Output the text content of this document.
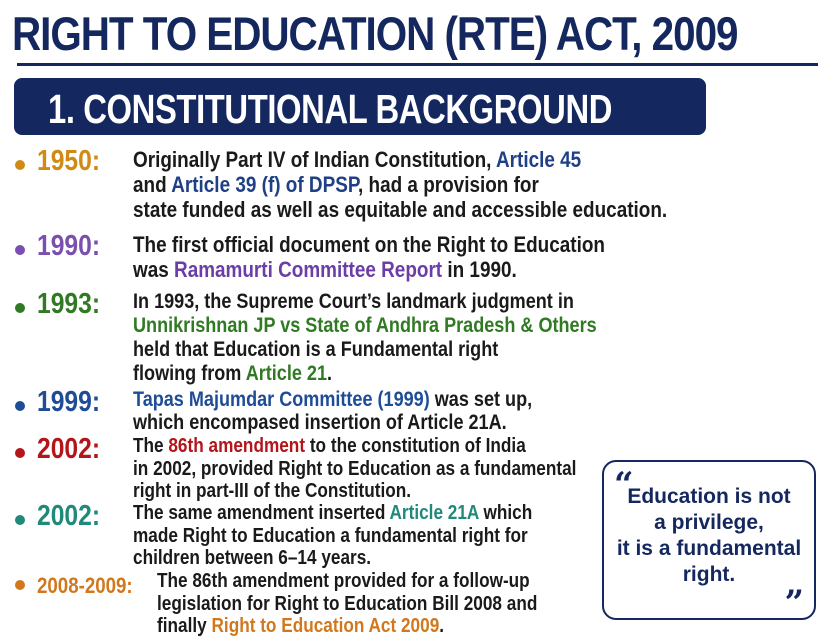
RIGHT TO EDUCATION (RTE) ACT, 2009
1. CONSTITUTIONAL BACKGROUND
1950: Originally Part IV of Indian Constitution, Article 45
and Article 39 (f) of DPSP, had a provision for
state funded as well as equitable and accessible education.
1990: The first official document on the Right to Education
was Ramamurti Committee Report in 1990.
1993: In 1993, the Supreme Court’s landmark judgment in
Unnikrishnan JP vs State of Andhra Pradesh & Others
held that Education is a Fundamental right
flowing from Article 21.
1999: Tapas Majumdar Committee (1999) was set up,
which encompased insertion of Article 21A.
2002: The 86th amendment to the constitution of India
in 2002, provided Right to Education as a fundamental
right in part-III of the Constitution.
2002: The same amendment inserted Article 21A which
made Right to Education a fundamental right for
children between 6–14 years.
2008-2009: The 86th amendment provided for a follow-up
legislation for Right to Education Bill 2008 and
finally Right to Education Act 2009.
“
Education is not
a privilege,
it is a fundamental
right.
”
